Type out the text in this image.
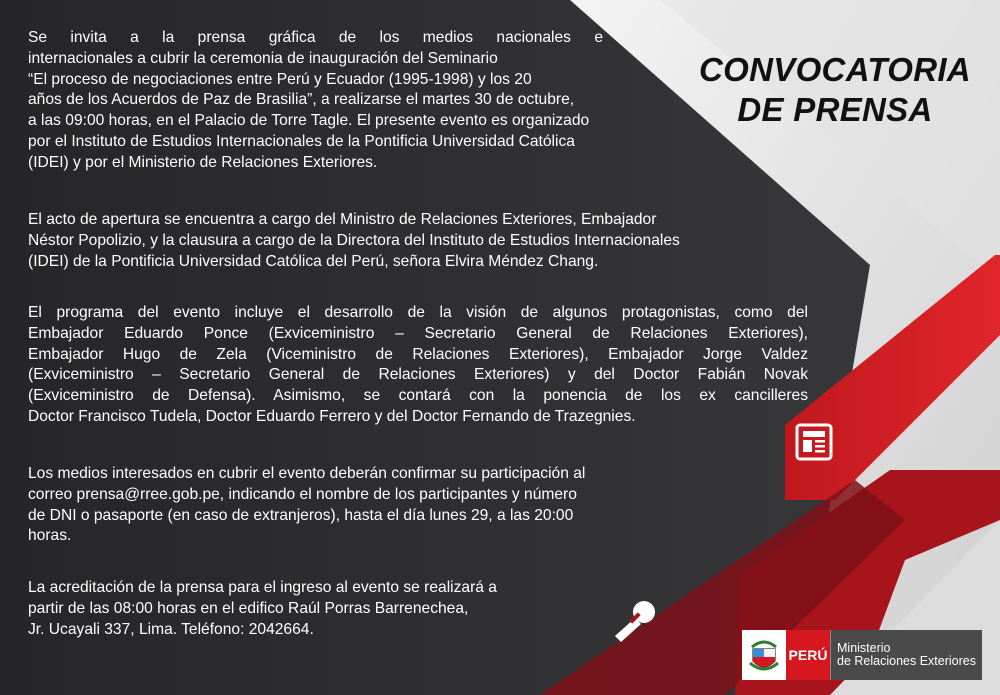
Se invita a la prensa gráfica de los medios nacionales e
internacionales a cubrir la ceremonia de inauguración del Seminario
“El proceso de negociaciones entre Perú y Ecuador (1995-1998) y los 20
años de los Acuerdos de Paz de Brasilia”, a realizarse el martes 30 de octubre,
a las 09:00 horas, en el Palacio de Torre Tagle. El presente evento es organizado
por el Instituto de Estudios Internacionales de la Pontificia Universidad Católica
(IDEI) y por el Ministerio de Relaciones Exteriores.
El acto de apertura se encuentra a cargo del Ministro de Relaciones Exteriores, Embajador
Néstor Popolizio, y la clausura a cargo de la Directora del Instituto de Estudios Internacionales
(IDEI) de la Pontificia Universidad Católica del Perú, señora Elvira Méndez Chang.
El programa del evento incluye el desarrollo de la visión de algunos protagonistas, como del
Embajador Eduardo Ponce (Exviceministro – Secretario General de Relaciones Exteriores),
Embajador Hugo de Zela (Viceministro de Relaciones Exteriores), Embajador Jorge Valdez
(Exviceministro – Secretario General de Relaciones Exteriores) y del Doctor Fabián Novak
(Exviceministro de Defensa). Asimismo, se contará con la ponencia de los ex cancilleres
Doctor Francisco Tudela, Doctor Eduardo Ferrero y del Doctor Fernando de Trazegnies.
Los medios interesados en cubrir el evento deberán confirmar su participación al
correo prensa@rree.gob.pe, indicando el nombre de los participantes y número
de DNI o pasaporte (en caso de extranjeros), hasta el día lunes 29, a las 20:00
horas.
La acreditación de la prensa para el ingreso al evento se realizará a
partir de las 08:00 horas en el edifico Raúl Porras Barrenechea,
Jr. Ucayali 337, Lima. Teléfono: 2042664.
CONVOCATORIA
DE PRENSA
PERÚ Ministerio
de Relaciones Exteriores
